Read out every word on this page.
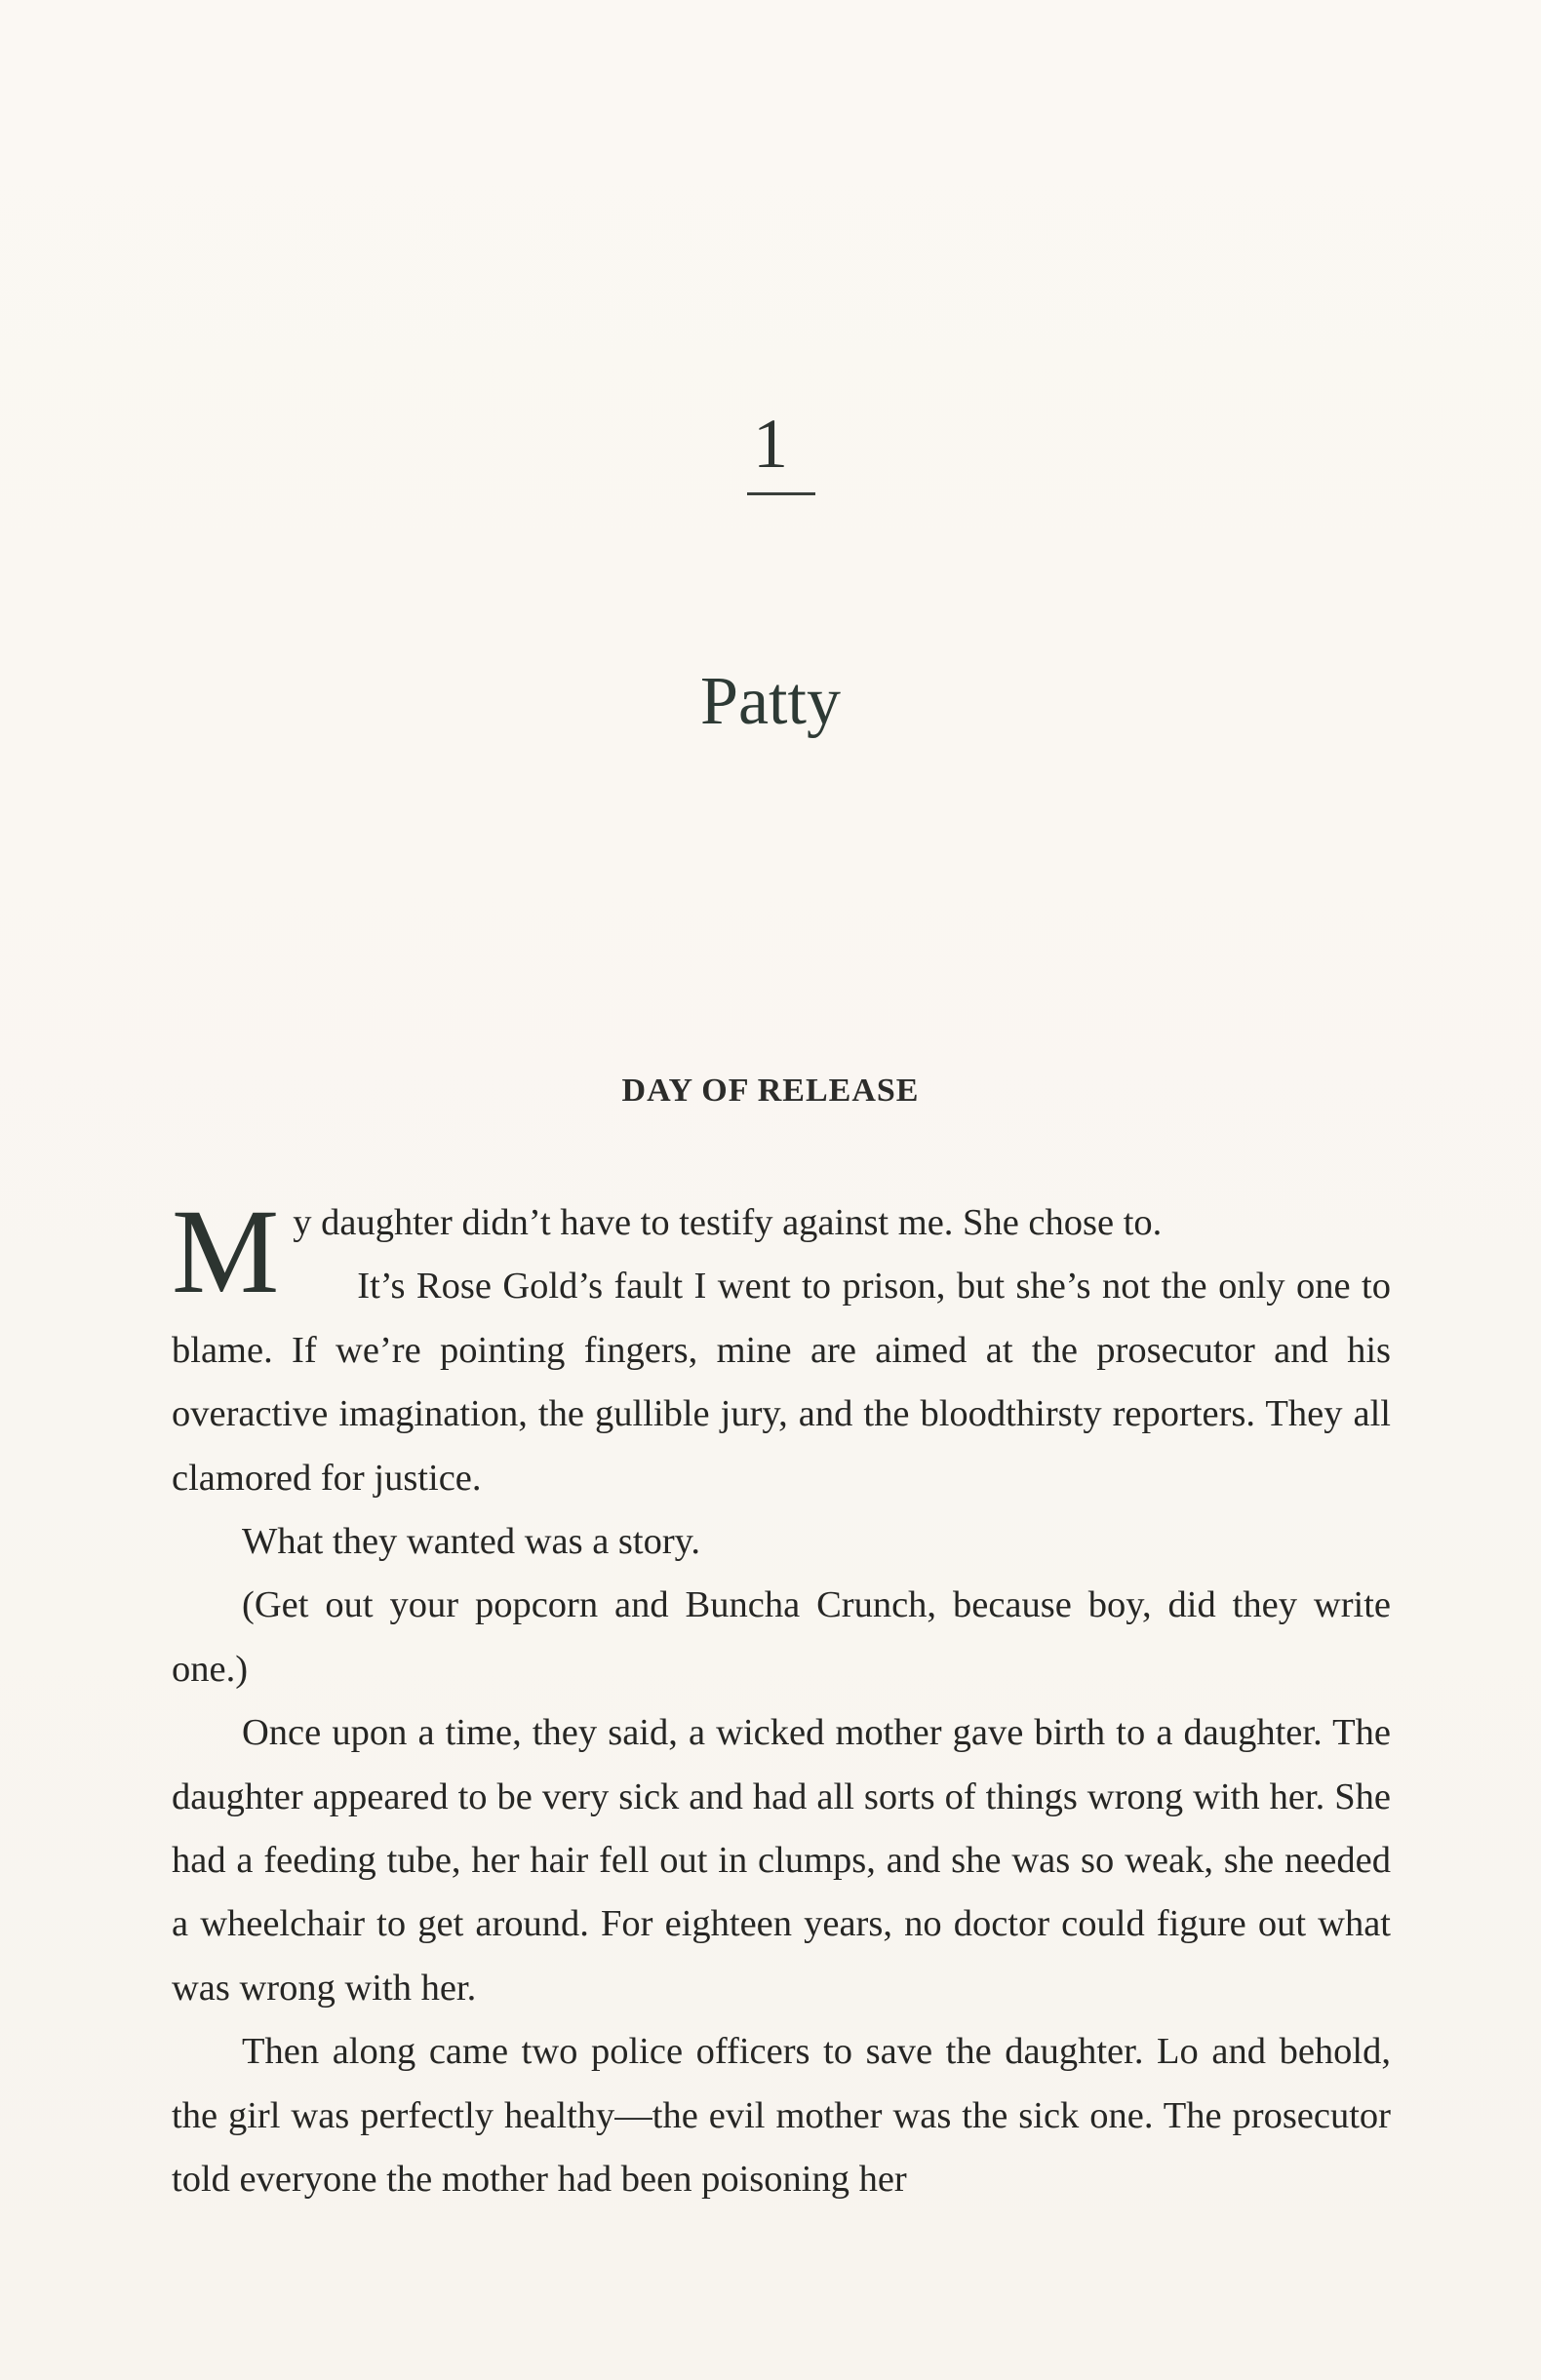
1
Patty
DAY OF RELEASE

My daughter didn’t have to testify against me. She chose to.

It’s Rose Gold’s fault I went to prison, but she’s not the only one to blame. If we’re pointing fingers, mine are aimed at the prosecutor and his overactive imagination, the gullible jury, and the bloodthirsty reporters. They all clamored for justice.

What they wanted was a story.

(Get out your popcorn and Buncha Crunch, because boy, did they write one.)

Once upon a time, they said, a wicked mother gave birth to a daughter. The daughter appeared to be very sick and had all sorts of things wrong with her. She had a feeding tube, her hair fell out in clumps, and she was so weak, she needed a wheelchair to get around. For eighteen years, no doctor could figure out what was wrong with her.

Then along came two police officers to save the daughter. Lo and behold, the girl was perfectly healthy—the evil mother was the sick one. The prosecutor told everyone the mother had been poisoning her
